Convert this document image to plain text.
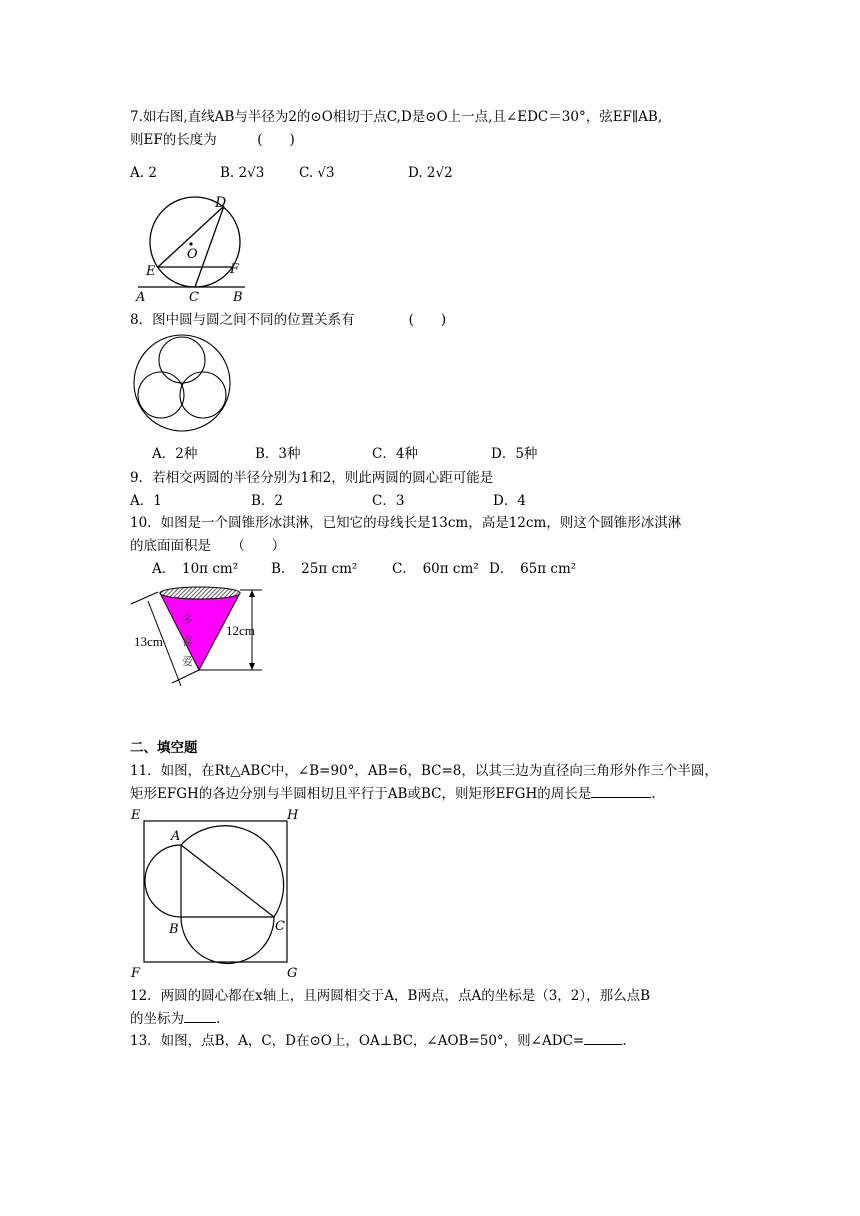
7.如右图,直线AB与半径为2的⊙O相切于点C,D是⊙O上一点,且∠EDC＝30°，弦EF∥AB,
则EF的长度为　　　(　　)
A. 2	B. 2√3	C. √3	D. 2√2
D
O
E	F
A	C	B
8．图中圆与圆之间不同的位置关系有　　　　(　　)
A．2种	B．3种	C．4种	D．5种
9．若相交两圆的半径分别为1和2，则此两圆的圆心距可能是
A．1	B．2	C．3	D．4
10．如图是一个圆锥形冰淇淋，已知它的母线长是13cm，高是12cm，则这个圆锥形冰淇淋
的底面面积是　　（　　）
A．　10π cm² B．　25π cm²	C．　60π cm² D．　65π cm²
多
喜
爱
13cm
12cm
二、填空题
11．如图，在Rt△ABC中，∠B=90°，AB=6，BC=8，以其三边为直径向三角形外作三个半圆，
矩形EFGH的各边分别与半圆相切且平行于AB或BC，则矩形EFGH的周长是	.
E	H
A
B	C
F	G
12．两圆的圆心都在x轴上，且两圆相交于A，B两点，点A的坐标是（3，2），那么点B
的坐标为 .
13．如图，点B，A，C，D在⊙O上，OA⊥BC，∠AOB=50°，则∠ADC=	.
